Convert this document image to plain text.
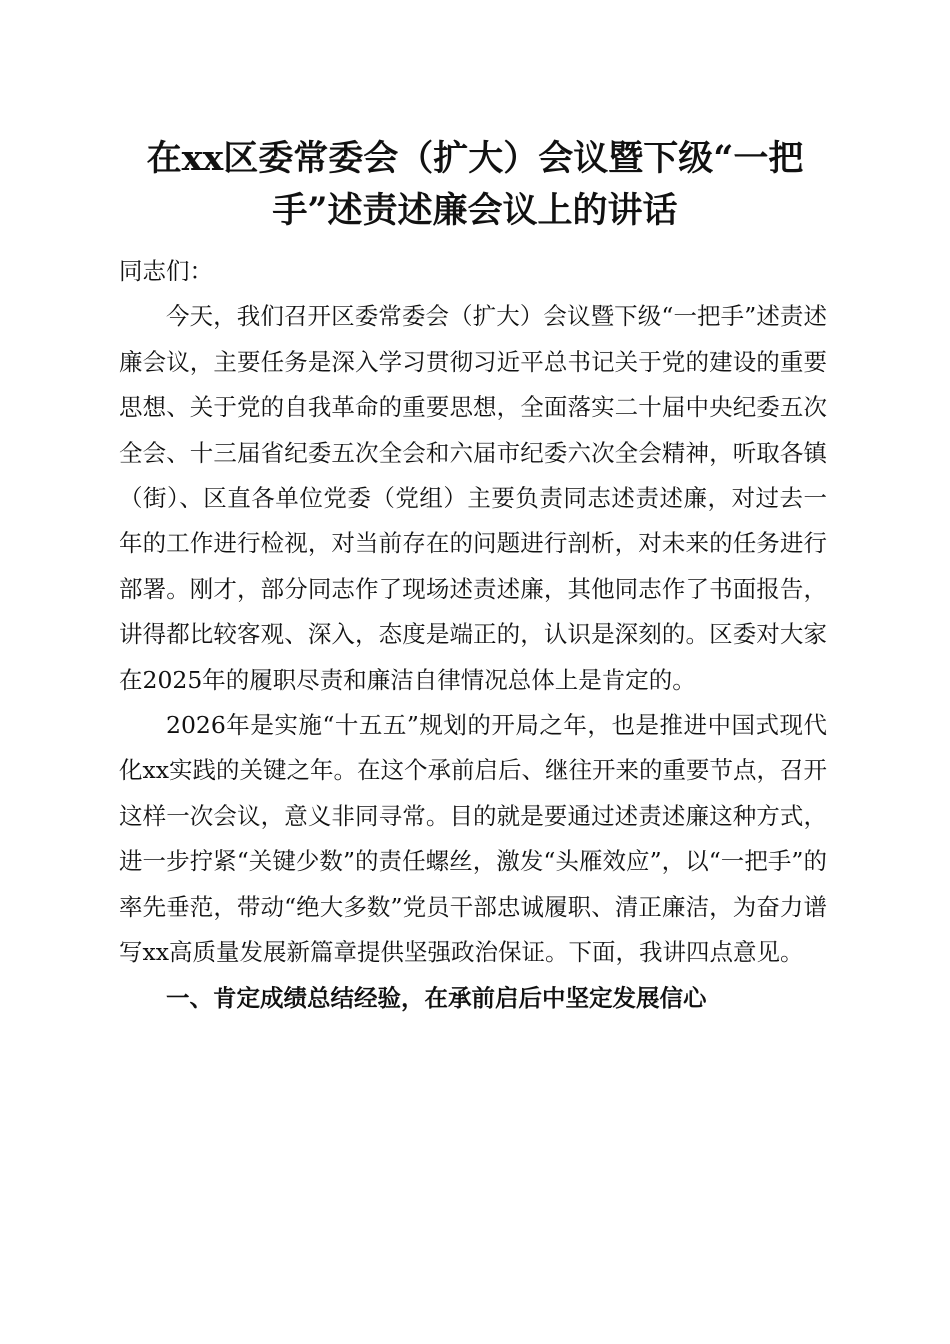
在xx区委常委会（扩大）会议暨下级“一把手”述责述廉会议上的讲话

同志们：

今天，我们召开区委常委会（扩大）会议暨下级“一把手”述责述廉会议，主要任务是深入学习贯彻习近平总书记关于党的建设的重要思想、关于党的自我革命的重要思想，全面落实二十届中央纪委五次全会、十三届省纪委五次全会和六届市纪委六次全会精神，听取各镇（街）、区直各单位党委（党组）主要负责同志述责述廉，对过去一年的工作进行检视，对当前存在的问题进行剖析，对未来的任务进行部署。刚才，部分同志作了现场述责述廉，其他同志作了书面报告，讲得都比较客观、深入，态度是端正的，认识是深刻的。区委对大家在2025年的履职尽责和廉洁自律情况总体上是肯定的。

2026年是实施“十五五”规划的开局之年，也是推进中国式现代化xx实践的关键之年。在这个承前启后、继往开来的重要节点，召开这样一次会议，意义非同寻常。目的就是要通过述责述廉这种方式，进一步拧紧“关键少数”的责任螺丝，激发“头雁效应”，以“一把手”的率先垂范，带动“绝大多数”党员干部忠诚履职、清正廉洁，为奋力谱写xx高质量发展新篇章提供坚强政治保证。下面，我讲四点意见。

一、肯定成绩总结经验，在承前启后中坚定发展信心
